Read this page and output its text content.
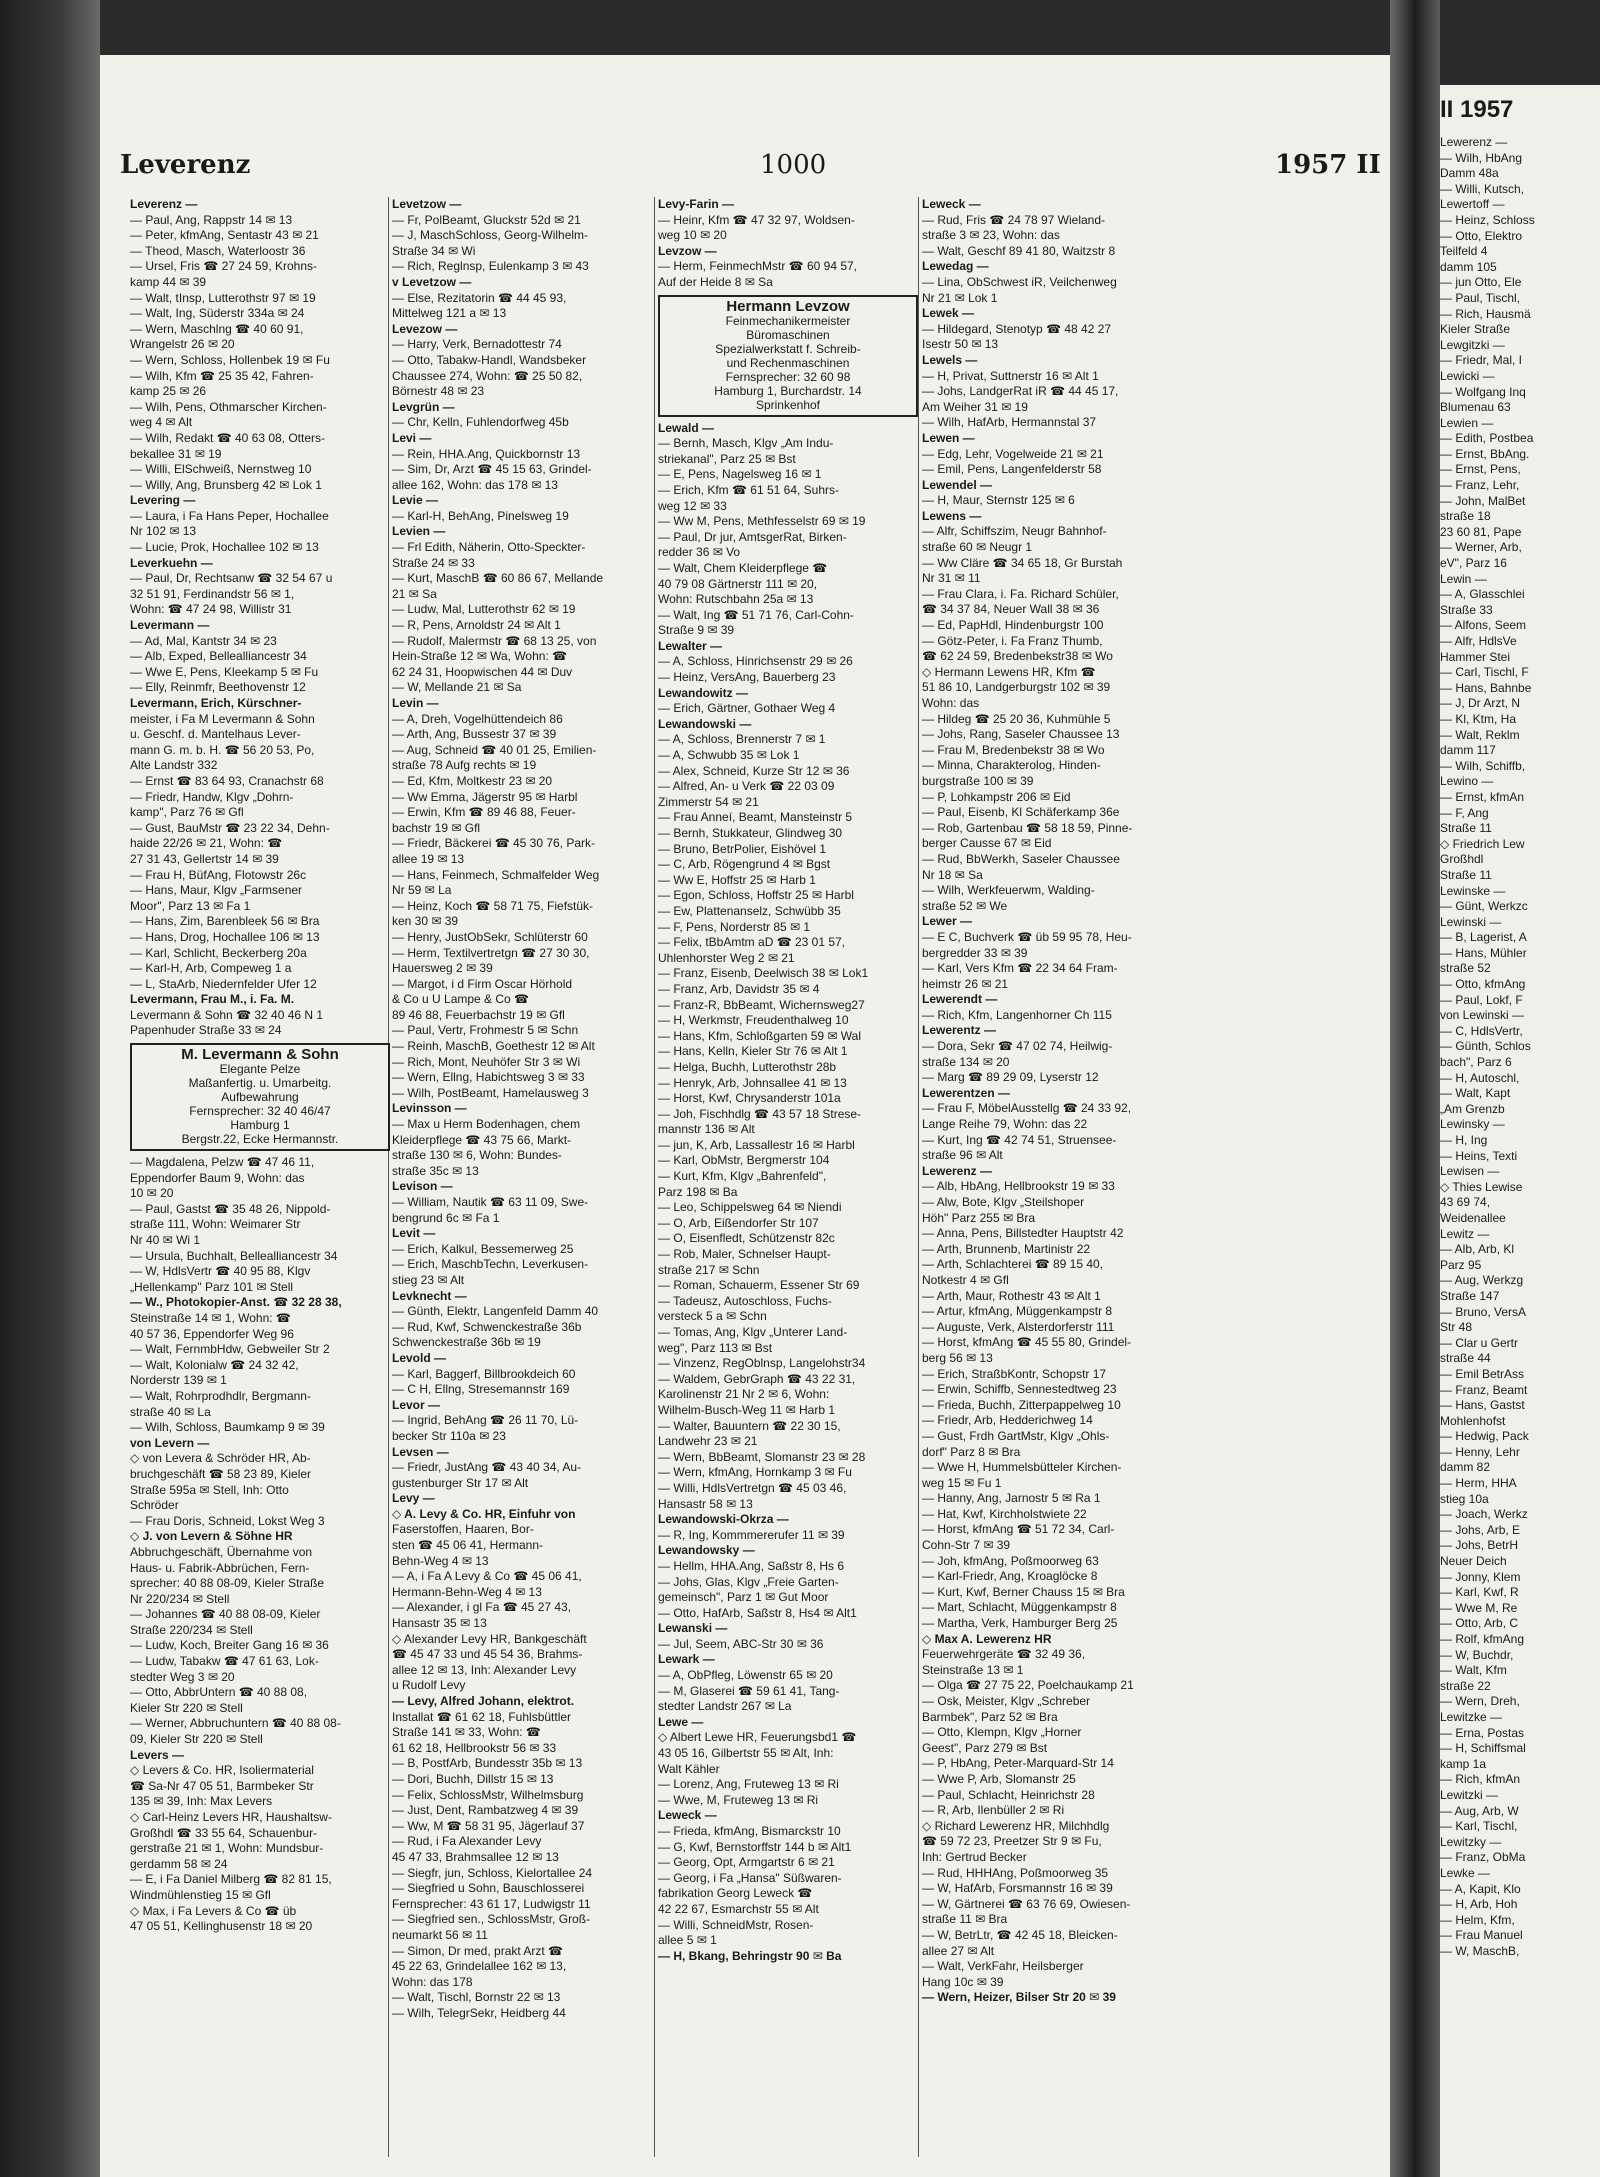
Leverenz	1000	1957 II
Leverenz —
— Paul, Ang, Rappstr 14 ✉ 13
— Peter, kfmAng, Sentastr 43 ✉ 21
— Theod, Masch, Waterloostr 36
— Ursel, Fris ☎ 27 24 59, Krohns-
kamp 44 ✉ 39
— Walt, tInsp, Lutterothstr 97 ✉ 19
— Walt, Ing, Süderstr 334a ✉ 24
— Wern, Maschlng ☎ 40 60 91,
Wrangelstr 26 ✉ 20
— Wern, Schloss, Hollenbek 19 ✉ Fu
— Wilh, Kfm ☎ 25 35 42, Fahren-
kamp 25 ✉ 26
— Wilh, Pens, Othmarscher Kirchen-
weg 4 ✉ Alt
— Wilh, Redakt ☎ 40 63 08, Otters-
bekallee 31 ✉ 19
— Willi, ElSchweiß, Nernstweg 10
— Willy, Ang, Brunsberg 42 ✉ Lok 1
Levering —
— Laura, i Fa Hans Peper, Hochallee
Nr 102 ✉ 13
— Lucie, Prok, Hochallee 102 ✉ 13
Leverkuehn —
— Paul, Dr, Rechtsanw ☎ 32 54 67 u
32 51 91, Ferdinandstr 56 ✉ 1,
Wohn: ☎ 47 24 98, Willistr 31
Levermann —
— Ad, Mal, Kantstr 34 ✉ 23
— Alb, Exped, Belleallianсestr 34
— Wwe E, Pens, Kleekamp 5 ✉ Fu
— Elly, Reinmfr, Beethovenstr 12
Levermann, Erich, Kürschner-
meister, i Fa M Levermann & Sohn
u. Geschf. d. Mantelhaus Lever-
mann G. m. b. H. ☎ 56 20 53, Po,
Alte Landstr 332
— Ernst ☎ 83 64 93, Cranachstr 68
— Friedr, Handw, Klgv „Dohrn-
kamp", Parz 76 ✉ Gfl
— Gust, BauMstr ☎ 23 22 34, Dehn-
haide 22/26 ✉ 21, Wohn: ☎
27 31 43, Gellertstr 14 ✉ 39
— Frau H, BüfAng, Flotowstr 26c
— Hans, Maur, Klgv „Farmsener
Moor", Parz 13 ✉ Fa 1
— Hans, Zim, Barenbleek 56 ✉ Bra
— Hans, Drog, Hochallee 106 ✉ 13
— Karl, Schlicht, Beckerberg 20a
— Karl-H, Arb, Compeweg 1 a
— L, StaArb, Niedernfelder Ufer 12
Levermann, Frau M., i. Fa. M.
Levermann & Sohn ☎ 32 40 46 N 1
Papenhuder Straße 33 ✉ 24
M. Levermann & Sohn
Elegante Pelze
Maßanfertig. u. Umarbeitg.
Aufbewahrung
Fernsprecher: 32 40 46/47
Hamburg 1
Bergstr.22, Ecke Hermannstr.
— Magdalena, Pelzw ☎ 47 46 11,
Eppendorfer Baum 9, Wohn: das
10 ✉ 20
— Paul, Gastst ☎ 35 48 26, Nippold-
straße 111, Wohn: Weimarer Str
Nr 40 ✉ Wi 1
— Ursula, Buchhalt, Belleallianсestr 34
— W, HdlsVertr ☎ 40 95 88, Klgv
„Hellenkamp" Parz 101 ✉ Stell
— W., Photokopier-Anst. ☎ 32 28 38,
Steinstraße 14 ✉ 1, Wohn: ☎
40 57 36, Eppendorfer Weg 96
— Walt, FernmbHdw, Gebweiler Str 2
— Walt, Kolonialw ☎ 24 32 42,
Norderstr 139 ✉ 1
— Walt, Rohrprodhdlr, Bergmann-
straße 40 ✉ La
— Wilh, Schloss, Baumkamp 9 ✉ 39
von Levern —
◇ von Levera & Schröder HR, Ab-
bruchgeschäft ☎ 58 23 89, Kieler
Straße 595a ✉ Stell, Inh: Otto
Schröder
— Frau Doris, Schneid, Lokst Weg 3
◇ J. von Levern & Söhne HR
Abbruchgeschäft, Übernahme von
Haus- u. Fabrik-Abbrüchen, Fern-
sprecher: 40 88 08-09, Kieler Straße
Nr 220/234 ✉ Stell
— Johannes ☎ 40 88 08-09, Kieler
Straße 220/234 ✉ Stell
— Ludw, Koch, Breiter Gang 16 ✉ 36
— Ludw, Tabakw ☎ 47 61 63, Lok-
stedter Weg 3 ✉ 20
— Otto, AbbrUntern ☎ 40 88 08,
Kieler Str 220 ✉ Stell
— Werner, Abbruchuntern ☎ 40 88 08-
09, Kieler Str 220 ✉ Stell
Levers —
◇ Levers & Co. HR, Isoliermaterial
☎ Sa-Nr 47 05 51, Barmbeker Str
135 ✉ 39, Inh: Max Levers
◇ Carl-Heinz Levers HR, Haushaltsw-
Großhdl ☎ 33 55 64, Schauenbur-
gerstraße 21 ✉ 1, Wohn: Mundsbur-
gerdamm 58 ✉ 24
— E, i Fa Daniel Milberg ☎ 82 81 15,
Windmühlenstieg 15 ✉ Gfl
◇ Max, i Fa Levers & Co ☎ üb
47 05 51, Kellinghusenstr 18 ✉ 20
Levetzow —
— Fr, PolBeamt, Gluckstr 52d ✉ 21
— J, MaschSchloss, Georg-Wilhelm-
Straße 34 ✉ Wi
— Rich, Reglnsp, Eulenkamp 3 ✉ 43
v Levetzow —
— Else, Rezitatorin ☎ 44 45 93,
Mittelweg 121 a ✉ 13
Levezow —
— Harry, Verk, Bernadottestr 74
— Otto, Tabakw-Handl, Wandsbeker
Chaussee 274, Wohn: ☎ 25 50 82,
Börnestr 48 ✉ 23
Levgrün —
— Chr, Kelln, Fuhlendorfweg 45b
Levi —
— Rein, HHA.Ang, Quickbornstr 13
— Sim, Dr, Arzt ☎ 45 15 63, Grindel-
allee 162, Wohn: das 178 ✉ 13
Levie —
— Karl-H, BehAng, Pinelsweg 19
Levien —
— Frl Edith, Näherin, Otto-Speckter-
Straße 24 ✉ 33
— Kurt, MaschB ☎ 60 86 67, Mellande
21 ✉ Sa
— Ludw, Mal, Lutterothstr 62 ✉ 19
— R, Pens, Arnoldstr 24 ✉ Alt 1
— Rudolf, Malermstr ☎ 68 13 25, von
Hein-Straße 12 ✉ Wa, Wohn: ☎
62 24 31, Hoopwischen 44 ✉ Duv
— W, Mellande 21 ✉ Sa
Levin —
— A, Dreh, Vogelhüttendeich 86
— Arth, Ang, Bussestr 37 ✉ 39
— Aug, Schneid ☎ 40 01 25, Emilien-
straße 78 Aufg rechts ✉ 19
— Ed, Kfm, Moltkestr 23 ✉ 20
— Ww Emma, Jägerstr 95 ✉ Harbl
— Erwin, Kfm ☎ 89 46 88, Feuer-
bachstr 19 ✉ Gfl
— Friedr, Bäckerei ☎ 45 30 76, Park-
allee 19 ✉ 13
— Hans, Feinmech, Schmalfelder Weg
Nr 59 ✉ La
— Heinz, Koch ☎ 58 71 75, Fiefstük-
ken 30 ✉ 39
— Henry, JustObSekr, Schlüterstr 60
— Herm, Textilvertretgn ☎ 27 30 30,
Hauersweg 2 ✉ 39
— Margot, i d Firm Oscar Hörhold
& Co u U Lampe & Co ☎
89 46 88, Feuerbachstr 19 ✉ Gfl
— Paul, Vertr, Frohmestr 5 ✉ Schn
— Reinh, MaschB, Goethestr 12 ✉ Alt
— Rich, Mont, Neuhöfer Str 3 ✉ Wi
— Wern, Ellng, Habichtsweg 3 ✉ 33
— Wilh, PostBeamt, Hamelausweg 3
Levinsson —
— Max u Herm Bodenhagen, chem
Kleiderpflege ☎ 43 75 66, Markt-
straße 130 ✉ 6, Wohn: Bundes-
straße 35c ✉ 13
Levison —
— William, Nautik ☎ 63 11 09, Swe-
bengrund 6c ✉ Fa 1
Levit —
— Erich, Kalkul, Bessemerweg 25
— Erich, MaschbTechn, Leverkusen-
stieg 23 ✉ Alt
Levknecht —
— Günth, Elektr, Langenfeld Damm 40
— Rud, Kwf, Schwenckestraße 36b
Schwenckestraße 36b ✉ 19
Levold —
— Karl, Baggerf, Billbrookdeich 60
— C H, Ellng, Stresemannstr 169
Levor —
— Ingrid, BehAng ☎ 26 11 70, Lü-
becker Str 110a ✉ 23
Levsen —
— Friedr, JustAng ☎ 43 40 34, Au-
gustenburger Str 17 ✉ Alt
Levy —
◇ A. Levy & Co. HR, Einfuhr von
Faserstoffen, Haaren, Bor-
sten ☎ 45 06 41, Hermann-
Behn-Weg 4 ✉ 13
— A, i Fa A Levy & Co ☎ 45 06 41,
Hermann-Behn-Weg 4 ✉ 13
— Alexander, i gl Fa ☎ 45 27 43,
Hansastr 35 ✉ 13
◇ Alexander Levy HR, Bankgeschäft
☎ 45 47 33 und 45 54 36, Brahms-
allee 12 ✉ 13, Inh: Alexander Levy
u Rudolf Levy
— Levy, Alfred Johann, elektrot.
Installat ☎ 61 62 18, Fuhlsbüttler
Straße 141 ✉ 33, Wohn: ☎
61 62 18, Hellbrookstr 56 ✉ 33
— B, PostfArb, Bundesstr 35b ✉ 13
— Dori, Buchh, Dillstr 15 ✉ 13
— Felix, SchlossMstr, Wilhelmsburg
— Just, Dent, Rambatzweg 4 ✉ 39
— Ww, M ☎ 58 31 95, Jägerlauf 37
— Rud, i Fa Alexander Levy
45 47 33, Brahmsallee 12 ✉ 13
— Siegfr, jun, Schloss, Kielortallee 24
— Siegfried u Sohn, Bauschlosserei
Fernsprecher: 43 61 17, Ludwigstr 11
— Siegfried sen., SchlossMstr, Groß-
neumarkt 56 ✉ 11
— Simon, Dr med, prakt Arzt ☎
45 22 63, Grindelallee 162 ✉ 13,
Wohn: das 178
— Walt, Tischl, Bornstr 22 ✉ 13
— Wilh, TelegrSekr, Heidberg 44
Levy-Farin —
— Heinr, Kfm ☎ 47 32 97, Woldsen-
weg 10 ✉ 20
Levzow —
— Herm, FeinmechMstr ☎ 60 94 57,
Auf der Heide 8 ✉ Sa
Hermann Levzow
Feinmechanikermeister
Büromaschinen
Spezialwerkstatt f. Schreib-
und Rechenmaschinen
Fernsprecher: 32 60 98
Hamburg 1, Burchardstr. 14
Sprinkenhof
Lewald —
— Bernh, Masch, Klgv „Am Indu-
striekanal", Parz 25 ✉ Bst
— E, Pens, Nagelsweg 16 ✉ 1
— Erich, Kfm ☎ 61 51 64, Suhrs-
weg 12 ✉ 33
— Ww M, Pens, Methfesselstr 69 ✉ 19
— Paul, Dr jur, AmtsgerRat, Birken-
redder 36 ✉ Vo
— Walt, Chem Kleiderpflege ☎
40 79 08 Gärtnerstr 111 ✉ 20,
Wohn: Rutschbahn 25a ✉ 13
— Walt, Ing ☎ 51 71 76, Carl-Cohn-
Straße 9 ✉ 39
Lewalter —
— A, Schloss, Hinrichsenstr 29 ✉ 26
— Heinz, VersAng, Bauerberg 23
Lewandowitz —
— Erich, Gärtner, Gothaer Weg 4
Lewandowski —
— A, Schloss, Brennerstr 7 ✉ 1
— A, Schwubb 35 ✉ Lok 1
— Alex, Schneid, Kurze Str 12 ✉ 36
— Alfred, An- u Verk ☎ 22 03 09
Zimmerstr 54 ✉ 21
— Frau Anneí, Beamt, Mansteinstr 5
— Bernh, Stukkateur, Glindweg 30
— Bruno, BetrPolier, Eishövel 1
— C, Arb, Rögengrund 4 ✉ Bgst
— Ww E, Hoffstr 25 ✉ Harb 1
— Egon, Schloss, Hoffstr 25 ✉ Harbl
— Ew, Plattenanselz, Schwübb 35
— F, Pens, Norderstr 85 ✉ 1
— Felix, tBbAmtm aD ☎ 23 01 57,
Uhlenhorster Weg 2 ✉ 21
— Franz, Eisenb, Deelwisch 38 ✉ Lok1
— Franz, Arb, Davidstr 35 ✉ 4
— Franz-R, BbBeamt, Wichernsweg27
— H, Werkmstr, Freudenthalweg 10
— Hans, Kfm, Schloßgarten 59 ✉ Wal
— Hans, Kelln, Kieler Str 76 ✉ Alt 1
— Helga, Buchh, Lutterothstr 28b
— Henryk, Arb, Johnsallee 41 ✉ 13
— Horst, Kwf, Chrysanderstr 101a
— Joh, Fischhdlg ☎ 43 57 18 Strese-
mannstr 136 ✉ Alt
— jun, K, Arb, Lassallestr 16 ✉ Harbl
— Karl, ObMstr, Bergmerstr 104
— Kurt, Kfm, Klgv „Bahrenfeld",
Parz 198 ✉ Ba
— Leo, Schippelsweg 64 ✉ Niendi
— O, Arb, Eißendorfer Str 107
— O, Eisenfledt, Schützenstr 82c
— Rob, Maler, Schnelser Haupt-
straße 217 ✉ Schn
— Roman, Schauerm, Essener Str 69
— Tadeusz, Autoschloss, Fuchs-
versteck 5 a ✉ Schn
— Tomas, Ang, Klgv „Unterer Land-
weg", Parz 113 ✉ Bst
— Vinzenz, RegOblnsp, Langelohstr34
— Waldem, GebrGraph ☎ 43 22 31,
Karolinenstr 21 Nr 2 ✉ 6, Wohn:
Wilhelm-Busch-Weg 11 ✉ Harb 1
— Walter, Bauuntern ☎ 22 30 15,
Landwehr 23 ✉ 21
— Wern, BbBeamt, Slomanstr 23 ✉ 28
— Wern, kfmAng, Hornkamp 3 ✉ Fu
— Willi, HdlsVertretgn ☎ 45 03 46,
Hansastr 58 ✉ 13
Lewandowski-Okrza —
— R, Ing, Kommmererufer 11 ✉ 39
Lewandowsky —
— Hellm, HHA.Ang, Saßstr 8, Hs 6
— Johs, Glas, Klgv „Freie Garten-
gemeinsch", Parz 1 ✉ Gut Moor
— Otto, HafArb, Saßstr 8, Hs4 ✉ Alt1
Lewanski —
— Jul, Seem, ABC-Str 30 ✉ 36
Lewark —
— A, ObPfleg, Löwenstr 65 ✉ 20
— M, Glaserei ☎ 59 61 41, Tang-
stedter Landstr 267 ✉ La
Lewe —
◇ Albert Lewe HR, Feuerungsbd1 ☎
43 05 16, Gilbertstr 55 ✉ Alt, Inh:
Walt Kähler
— Lorenz, Ang, Fruteweg 13 ✉ Ri
— Wwe, M, Fruteweg 13 ✉ Ri
Leweck —
— Frieda, kfmAng, Bismarckstr 10
— G, Kwf, Bernstorffstr 144 b ✉ Alt1
— Georg, Opt, Armgartstr 6 ✉ 21
— Georg, i Fa „Hansa" Süßwaren-
fabrikation Georg Leweck ☎
42 22 67, Esmarchstr 55 ✉ Alt
— Willi, SchneidMstr, Rosen-
allee 5 ✉ 1
— H, Bkang, Behringstr 90 ✉ Ba
Leweck —
— Rud, Fris ☎ 24 78 97 Wieland-
straße 3 ✉ 23, Wohn: das
— Walt, Geschf 89 41 80, Waitzstr 8
Lewedag —
— Lina, ObSchwest iR, Veilchenweg
Nr 21 ✉ Lok 1
Lewek —
— Hildegard, Stenotyp ☎ 48 42 27
Isestr 50 ✉ 13
Lewels —
— H, Privat, Suttnerstr 16 ✉ Alt 1
— Johs, LandgerRat iR ☎ 44 45 17,
Am Weiher 31 ✉ 19
— Wilh, HafArb, Hermannstal 37
Lewen —
— Edg, Lehr, Vogelweide 21 ✉ 21
— Emil, Pens, Langenfelderstr 58
Lewendel —
— H, Maur, Sternstr 125 ✉ 6
Lewens —
— Alfr, Schiffszim, Neugr Bahnhof-
straße 60 ✉ Neugr 1
— Ww Cläre ☎ 34 65 18, Gr Burstah
Nr 31 ✉ 11
— Frau Clara, i. Fa. Richard Schüler,
☎ 34 37 84, Neuer Wall 38 ✉ 36
— Ed, PapHdl, Hindenburgstr 100
— Götz-Peter, i. Fa Franz Thumb,
☎ 62 24 59, Bredenbekstr38 ✉ Wo
◇ Hermann Lewens HR, Kfm ☎
51 86 10, Landgerburgstr 102 ✉ 39
Wohn: das
— Hildeg ☎ 25 20 36, Kuhmühle 5
— Johs, Rang, Saseler Chaussee 13
— Frau M, Bredenbekstr 38 ✉ Wo
— Minna, Charakterolog, Hinden-
burgstraße 100 ✉ 39
— P, Lohkampstr 206 ✉ Eid
— Paul, Eisenb, Kl Schäferkamp 36e
— Rob, Gartenbau ☎ 58 18 59, Pinne-
berger Causse 67 ✉ Eid
— Rud, BbWerkh, Saseler Chaussee
Nr 18 ✉ Sa
— Wilh, Werkfeuerwm, Walding-
straße 52 ✉ We
Lewer —
— E C, Buchverk ☎ üb 59 95 78, Heu-
bergredder 33 ✉ 39
— Karl, Vers Kfm ☎ 22 34 64 Fram-
heimstr 26 ✉ 21
Lewerendt —
— Rich, Kfm, Langenhorner Ch 115
Lewerentz —
— Dora, Sekr ☎ 47 02 74, Heilwig-
straße 134 ✉ 20
— Marg ☎ 89 29 09, Lyserstr 12
Lewerentzen —
— Frau F, MöbelAusstellg ☎ 24 33 92,
Lange Reihe 79, Wohn: das 22
— Kurt, Ing ☎ 42 74 51, Struensee-
straße 96 ✉ Alt
Lewerenz —
— Alb, HbAng, Hellbrookstr 19 ✉ 33
— Alw, Bote, Klgv „Steilshoper
Höh" Parz 255 ✉ Bra
— Anna, Pens, Billstedter Hauptstr 42
— Arth, Brunnenb, Martinistr 22
— Arth, Schlachterei ☎ 89 15 40,
Notkestr 4 ✉ Gfl
— Arth, Maur, Rothestr 43 ✉ Alt 1
— Artur, kfmAng, Müggenkampstr 8
— Auguste, Verk, Alsterdorferstr 111
— Horst, kfmAng ☎ 45 55 80, Grindel-
berg 56 ✉ 13
— Erich, StraßbKontr, Schopstr 17
— Erwin, Schiffb, Sennestedtweg 23
— Frieda, Buchh, Zitterpappelweg 10
— Friedr, Arb, Hedderichweg 14
— Gust, Frdh GartMstr, Klgv „Ohls-
dorf" Parz 8 ✉ Bra
— Wwe H, Hummelsbütteler Kirchen-
weg 15 ✉ Fu 1
— Hanny, Ang, Jarnostr 5 ✉ Ra 1
— Hat, Kwf, Kirchholstwiete 22
— Horst, kfmAng ☎ 51 72 34, Carl-
Cohn-Str 7 ✉ 39
— Joh, kfmAng, Poßmoorweg 63
— Karl-Friedr, Ang, Kroaglöcke 8
— Kurt, Kwf, Berner Chauss 15 ✉ Bra
— Mart, Schlacht, Müggenkampstr 8
— Martha, Verk, Hamburger Berg 25
◇ Max A. Lewerenz HR
Feuerwehrgeräte ☎ 32 49 36,
Steinstraße 13 ✉ 1
— Olga ☎ 27 75 22, Poelchaukamp 21
— Osk, Meister, Klgv „Schreber
Barmbek", Parz 52 ✉ Bra
— Otto, Klempn, Klgv „Horner
Geest", Parz 279 ✉ Bst
— P, HbAng, Peter-Marquard-Str 14
— Wwe P, Arb, Slomanstr 25
— Paul, Schlacht, Heinrichstr 28
— R, Arb, Ilenbüller 2 ✉ Ri
◇ Richard Lewerenz HR, Milchhdlg
☎ 59 72 23, Preetzer Str 9 ✉ Fu,
Inh: Gertrud Becker
— Rud, HHHAng, Poßmoorweg 35
— W, HafArb, Forsmannstr 16 ✉ 39
— W, Gärtnerei ☎ 63 76 69, Owiesen-
straße 11 ✉ Bra
— W, BetrLtr, ☎ 42 45 18, Bleicken-
allee 27 ✉ Alt
— Walt, VerkFahr, Heilsberger
Hang 10c ✉ 39
— Wern, Heizer, Bilser Str 20 ✉ 39
II 1957
Lewerenz —
— Wilh, HbAng
Damm 48a
— Willi, Kutsch,
Lewertoff —
— Heinz, Schloss
— Otto, Elektro
Teilfeld 4
damm 105
— jun Otto, Ele
— Paul, Tischl,
— Rich, Hausmä
Kieler Straße
Lewgitzki —
— Friedr, Mal, I
Lewicki —
— Wolfgang Inq
Blumenau 63
Lewien —
— Edith, Postbea
— Ernst, BbAng.
— Ernst, Pens,
— Franz, Lehr,
— John, MalBet
straße 18
23 60 81, Pape
— Werner, Arb,
eV", Parz 16
Lewin —
— A, Glasschlei
Straße 33
— Alfons, Seem
— Alfr, HdlsVe
Hammer Stei
— Carl, Tischl, F
— Hans, Bahnbe
— J, Dr Arzt, N
— Kl, Ktm, Ha
— Walt, Reklm
damm 117
— Wilh, Schiffb,
Lewino —
— Ernst, kfmAn
— F, Ang
Straße 11
◇ Friedrich Lew
Großhdl
Straße 11
Lewinske —
— Günt, Werkzc
Lewinski —
— B, Lagerist, A
— Hans, Mühler
straße 52
— Otto, kfmAng
— Paul, Lokf, F
von Lewinski —
— C, HdlsVertr,
— Günth, Schlos
bach", Parz 6
— H, Autoschl,
— Walt, Kapt
„Am Grenzb
Lewinsky —
— H, Ing
— Heins, Texti
Lewisen —
◇ Thies Lewise
43 69 74,
Weidenallee
Lewitz —
— Alb, Arb, Kl
Parz 95
— Aug, Werkzg
Straße 147
— Bruno, VersA
Str 48
— Clar u Gertr
straße 44
— Emil BetrAss
— Franz, Beamt
— Hans, Gastst
Mohlenhofst
— Hedwig, Pack
— Henny, Lehr
damm 82
— Herm, HHA
stieg 10a
— Joach, Werkz
— Johs, Arb, E
— Johs, BetrH
Neuer Deich
— Jonny, Klem
— Karl, Kwf, R
— Wwe M, Re
— Otto, Arb, C
— Rolf, kfmAng
— W, Buchdr,
— Walt, Kfm
straße 22
— Wern, Dreh,
Lewitzke —
— Erna, Postas
— H, Schiffsmal
kamp 1a
— Rich, kfmAn
Lewitzki —
— Aug, Arb, W
— Karl, Tischl,
Lewitzky —
— Franz, ObMa
Lewke —
— A, Kapit, Klo
— H, Arb, Hoh
— Helm, Kfm,
— Frau Manuel
— W, MaschB,
